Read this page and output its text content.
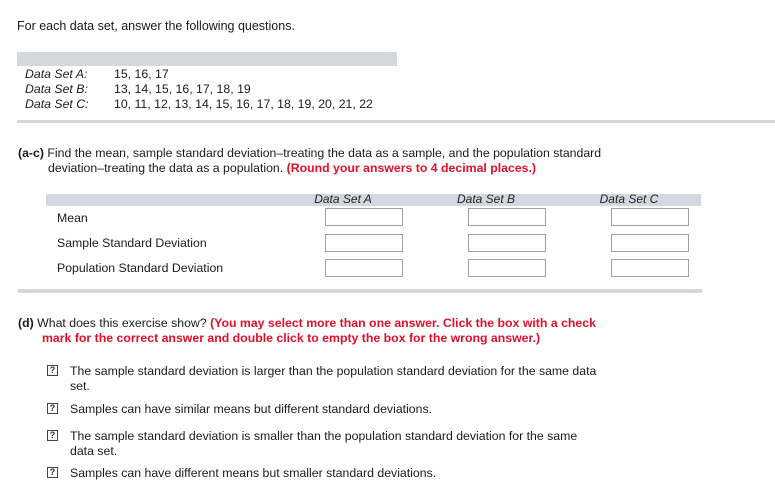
For each data set, answer the following questions.
Data Set A: 15, 16, 17
Data Set B: 13, 14, 15, 16, 17, 18, 19
Data Set C: 10, 11, 12, 13, 14, 15, 16, 17, 18, 19, 20, 21, 22
(a-c) Find the mean, sample standard deviation–treating the data as a sample, and the population standard
deviation–treating the data as a population. (Round your answers to 4 decimal places.)
Data Set A	Data Set B	Data Set C
Mean
Sample Standard Deviation
Population Standard Deviation
(d) What does this exercise show? (You may select more than one answer. Click the box with a check
mark for the correct answer and double click to empty the box for the wrong answer.)
? The sample standard deviation is larger than the population standard deviation for the same data
set.
? Samples can have similar means but different standard deviations.
? The sample standard deviation is smaller than the population standard deviation for the same
data set.
? Samples can have different means but smaller standard deviations.
